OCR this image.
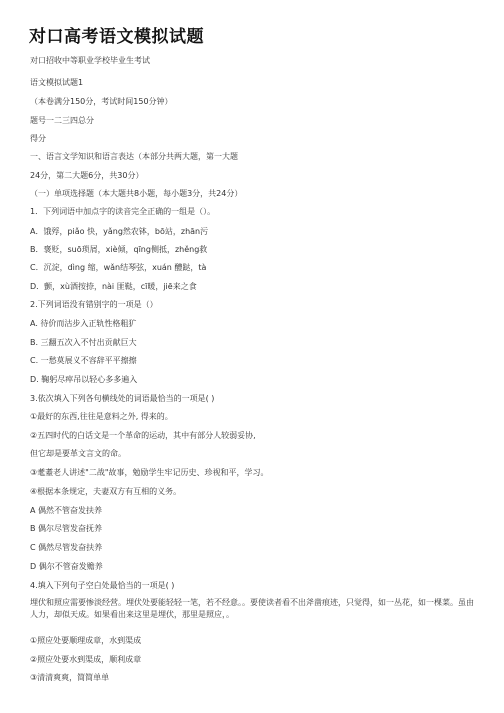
对口高考语文模拟试题
对口招收中等职业学校毕业生考试
语文模拟试题1
（本卷满分150分，考试时间150分钟）
题号一二三四总分
得分
一、语言文学知识和语言表达（本部分共两大题，第一大题
24分，第二大题6分，共30分）
（一）单项选择题（本大题共8小题，每小题3分，共24分）
1．下列词语中加点字的读音完全正确的一组是（）。
A．饿殍，piǎo 快，yǎng然农钵，bō站，zhān污
B．褒贬，suō琐屑，xiè倾，qīng侧抵，zhěng救
C．沉淀，dìng 缩，wǎn结琴弦，xuán 醴跶，tà
D．颤，xù酒按捺，nài 匪鞑，cī暖，jiē来之食
2.下列词语没有错别字的一项是（）
A. 待价而沽步入正轨性格粗犷
B. 三翻五次入不忖出贡献巨大
C. 一愁莫展义不容辞平平擦擦
D. 鞠躬尽瘁吊以轻心多多遍入
3.依次填入下列各句横线处的词语最恰当的一项是( )
①最好的东西,往往是意料之外, 得来的。
②五四时代的白话文是一个革命的运动，其中有部分人较弱妥协,
但它却是要革文言文的命。
③耄耋老人讲述"二战"故事，勉励学生牢记历史、珍视和平，学习。
④根据本条规定，夫妻双方有互相的义务。
A 偶然不管奋发扶养
B 偶尔尽管发奋抚养
C 偶然尽管发奋扶养
D 偶尔不管奋发赡养
4.填入下列句子空白处最恰当的一项是( )
埋伏和照应需要惨淡经营。埋伏处要能轻轻一笔，若不经意。。要使读者看不出斧凿痕迹，只觉得，如一丛花，如一棵菜。虽由人力，却似天成。如果看出来这里是埋伏，那里是照应，。
①照应处要顺理成章，水到渠成
②照应处要水到渠成，顺利成章
③清清爽爽，简简单单
